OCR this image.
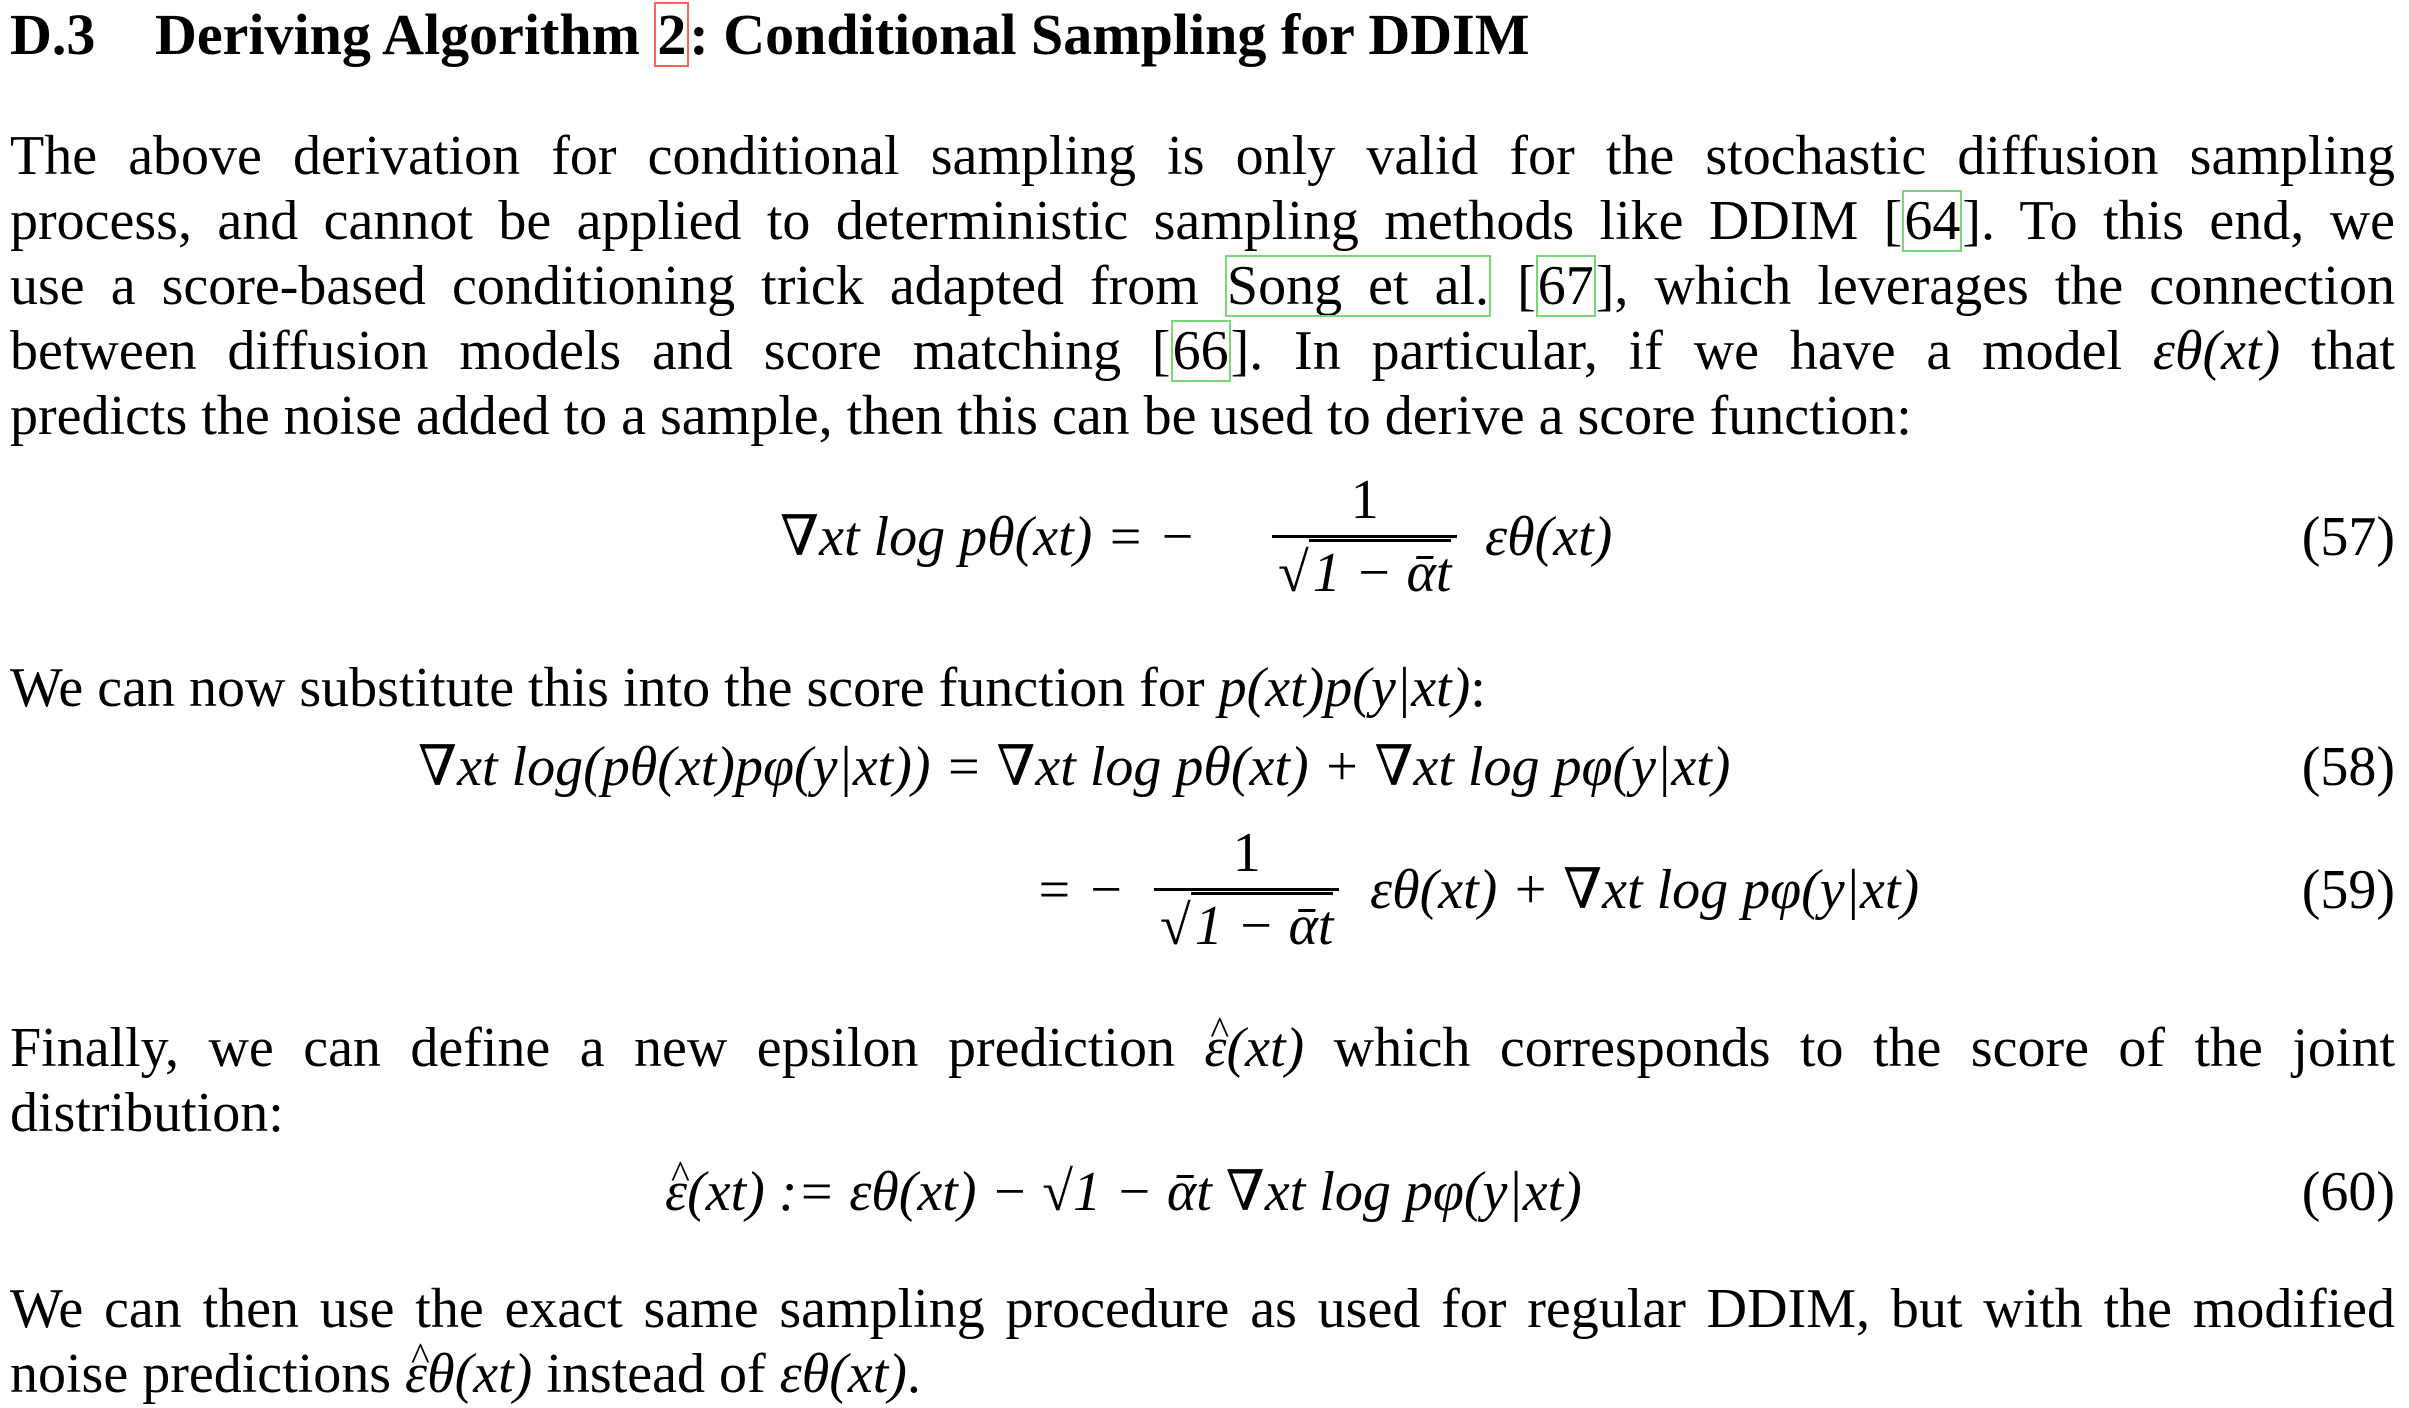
D.3 Deriving Algorithm 2: Conditional Sampling for DDIM
The above derivation for conditional sampling is only valid for the stochastic diffusion sampling
process, and cannot be applied to deterministic sampling methods like DDIM [64]. To this end, we
use a score-based conditioning trick adapted from Song et al. [67], which leverages the connection
between diffusion models and score matching [66]. In particular, if we have a model εθ(xt) that
predicts the noise added to a sample, then this can be used to derive a score function:
∇xt log pθ(xt) = − $\frac{1}{\text{√1 − ᾱt}} \varepsilon\theta(xt)$	(57)
We can now substitute this into the score function for p(xt)p(y|xt):
∇xt log(pθ(xt)pφ(y|xt)) = ∇xt log pθ(xt) + ∇xt log pφ(y|xt)	(58)
= − $\frac{1}{\text{√1 − ᾱt}} \varepsilon\theta(xt) + \nabla xt$ log pφ(y|xt)	(59)
Finally, we can define a new epsilon prediction ε(xt) ^ which corresponds to the score of the joint
distribution:
ε(xt) := εθ(xt) − √1 − ᾱt ∇xt log pφ(y|xt) ^	(60)
We can then use the exact same sampling procedure as used for regular DDIM, but with the modified
noise predictions εθ(xt) ^ instead of εθ(xt).
